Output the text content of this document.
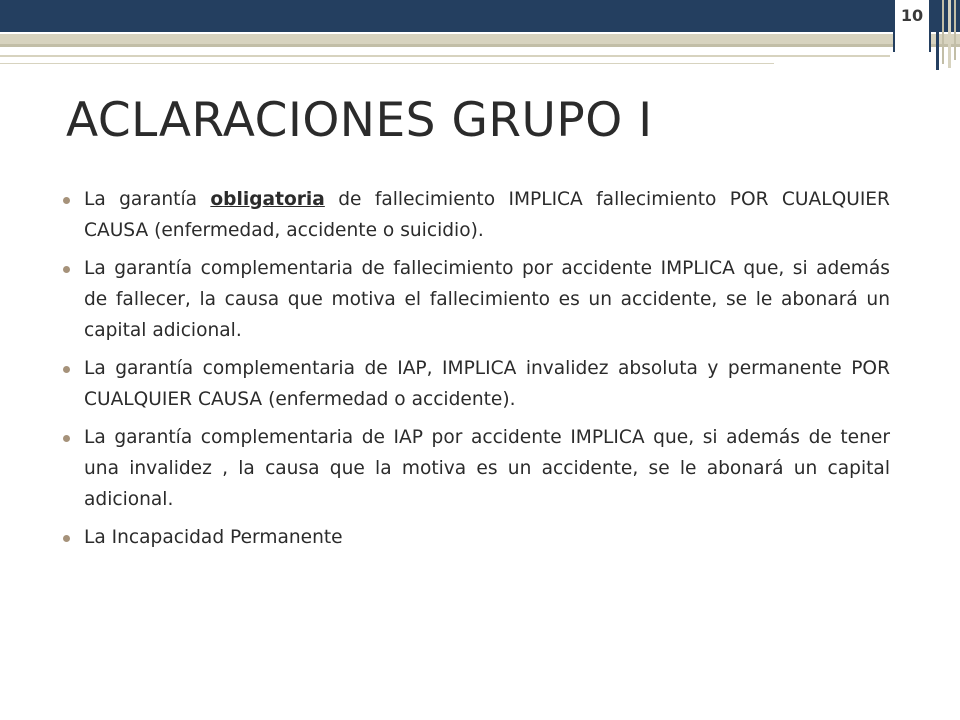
10
ACLARACIONES GRUPO I
La garantía obligatoria de fallecimiento IMPLICA fallecimiento POR CUALQUIER CAUSA (enfermedad, accidente o suicidio).
La garantía complementaria de fallecimiento por accidente IMPLICA que, si además de fallecer, la causa que motiva el fallecimiento es un accidente, se le abonará un capital adicional.
La garantía complementaria de IAP, IMPLICA invalidez absoluta y permanente POR CUALQUIER CAUSA (enfermedad o accidente).
La garantía complementaria de IAP por accidente IMPLICA que, si además de tener una invalidez , la causa que la motiva es un accidente, se le abonará un capital adicional.
La Incapacidad Permanente
